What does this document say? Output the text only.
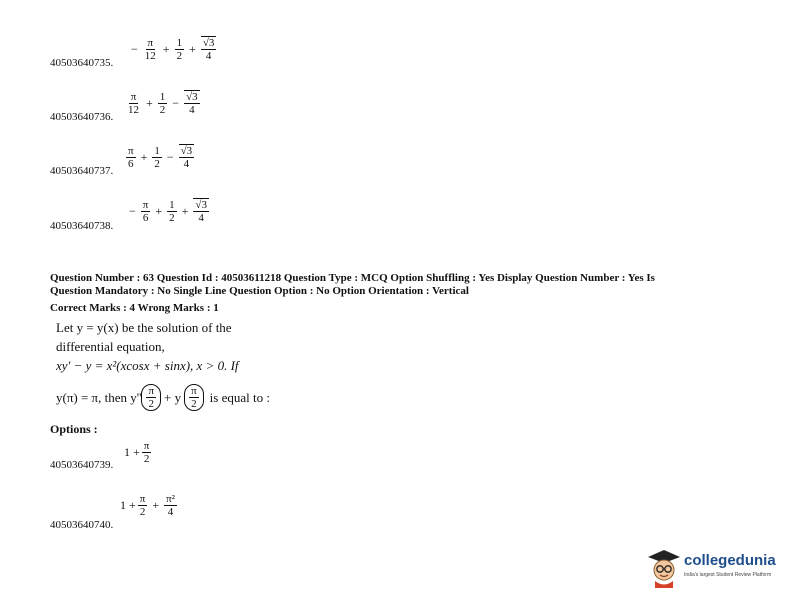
− $\frac{\pi}{12} + \frac{1}{2} + \frac{√3}{4}$
40503640735.
$\frac{\pi}{12} + \frac{1}{2} - \frac{√3}{4}$
40503640736.
$\frac{\pi}{6} + \frac{1}{2} - \frac{√3}{4}$
40503640737.
− $\frac{\pi}{6} + \frac{1}{2} + \frac{√3}{4}$
40503640738.
Question Number : 63 Question Id : 40503611218 Question Type : MCQ Option Shuffling : Yes Display Question Number : Yes Is
Question Mandatory : No Single Line Question Option : No Option Orientation : Vertical
Correct Marks : 4 Wrong Marks : 1
Let y = y(x) be the solution of the
differential equation,
xy' − y = x²(xcosx + sinx), x > 0. If
y(π) = π, then $y'' \frac{\pi}{2} + y \frac{\pi}{2}$ is equal to :
Options :
$1 + \frac{\pi}{2}$
40503640739.
$1 + \frac{\pi}{2} + \frac{\text{π²}}{4}$
40503640740.
collegedunia
India's largest Student Review Platform
